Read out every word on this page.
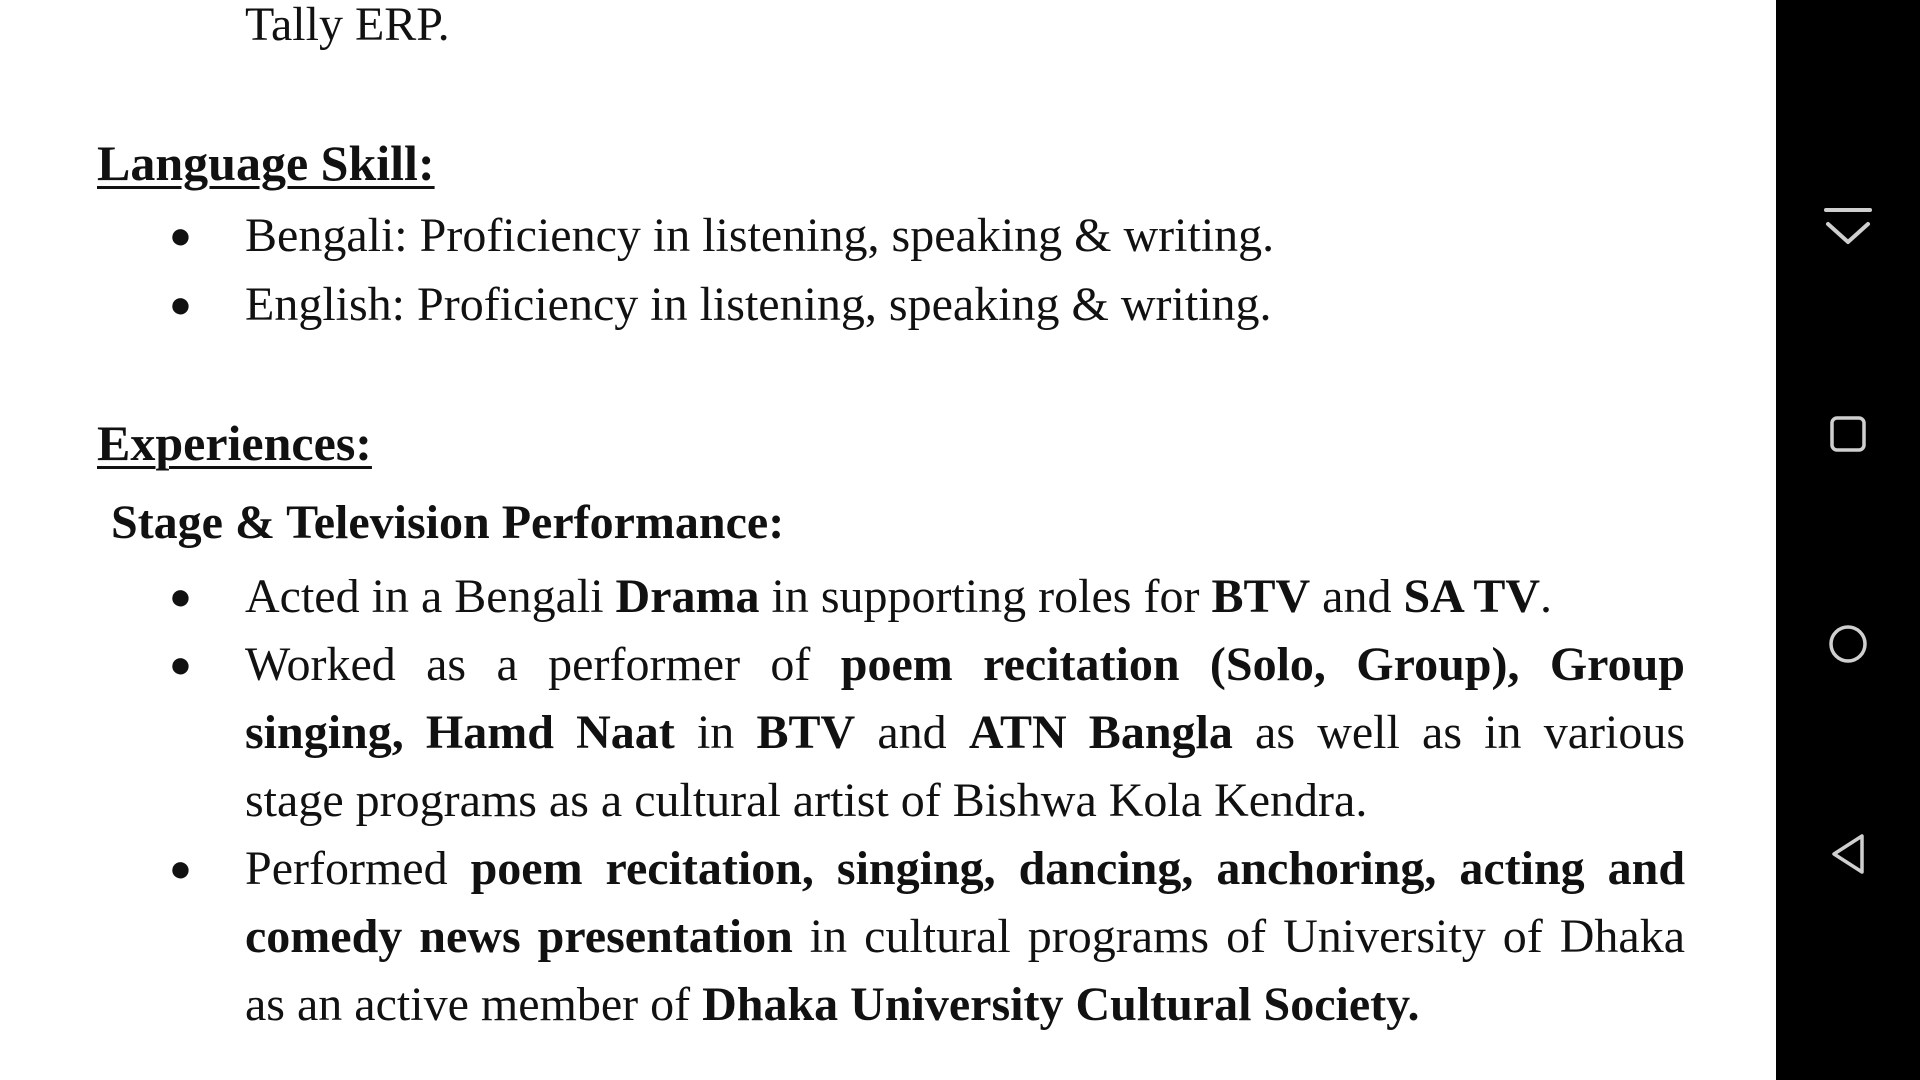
Tally ERP.
Language Skill:
● Bengali: Proficiency in listening, speaking & writing.
● English: Proficiency in listening, speaking & writing.
Experiences:
Stage & Television Performance:
● Acted in a Bengali Drama in supporting roles for BTV and SA TV.
● Worked as a performer of poem recitation (Solo, Group), Group
singing, Hamd Naat in BTV and ATN Bangla as well as in various
stage programs as a cultural artist of Bishwa Kola Kendra.
● Performed poem recitation, singing, dancing, anchoring, acting and
comedy news presentation in cultural programs of University of Dhaka
as an active member of Dhaka University Cultural Society.
